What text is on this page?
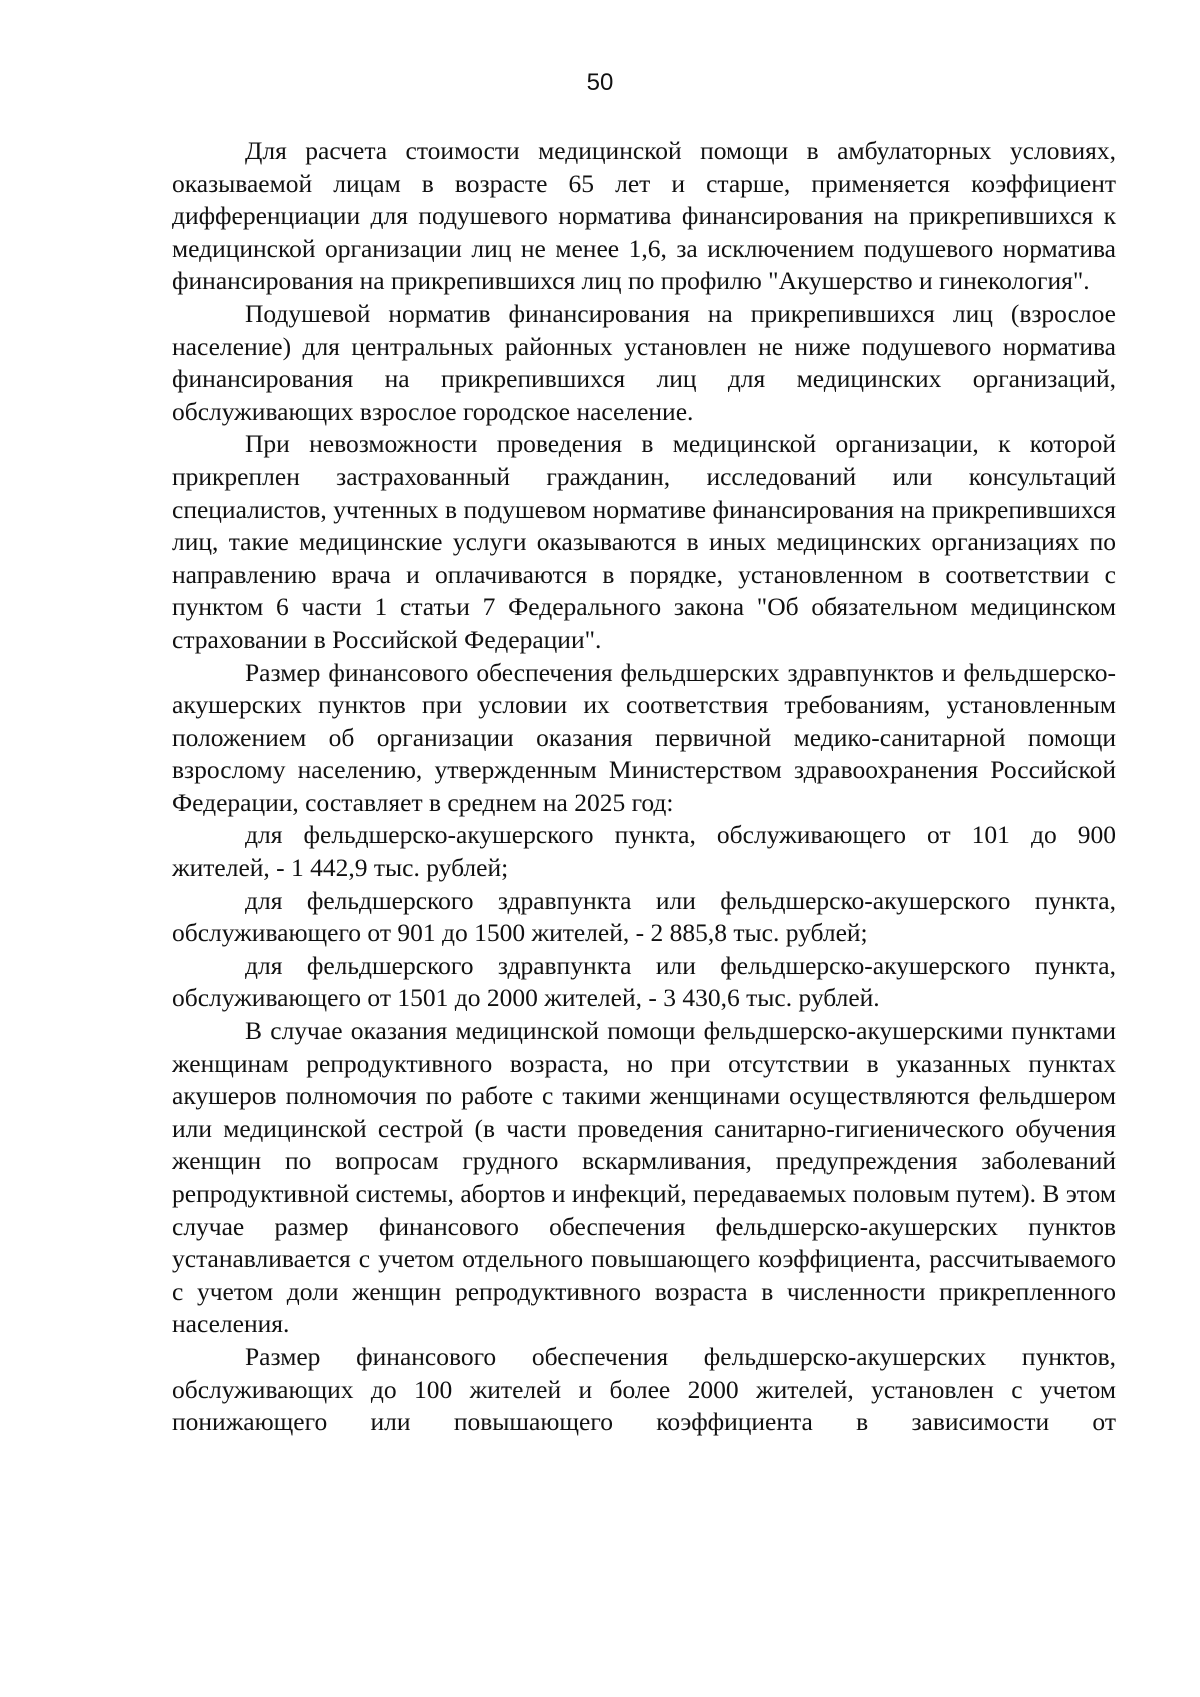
50

Для расчета стоимости медицинской помощи в амбулаторных условиях, оказываемой лицам в возрасте 65 лет и старше, применяется коэффициент дифференциации для подушевого норматива финансирования на прикрепившихся к медицинской организации лиц не менее 1,6, за исключением подушевого норматива финансирования на прикрепившихся лиц по профилю "Акушерство и гинекология".

Подушевой норматив финансирования на прикрепившихся лиц (взрослое население) для центральных районных установлен не ниже подушевого норматива финансирования на прикрепившихся лиц для медицинских организаций, обслуживающих взрослое городское население.

При невозможности проведения в медицинской организации, к которой прикреплен застрахованный гражданин, исследований или консультаций специалистов, учтенных в подушевом нормативе финансирования на прикрепившихся лиц, такие медицинские услуги оказываются в иных медицинских организациях по направлению врача и оплачиваются в порядке, установленном в соответствии с пунктом 6 части 1 статьи 7 Федерального закона "Об обязательном медицинском страховании в Российской Федерации".

Размер финансового обеспечения фельдшерских здравпунктов и фельдшерско-акушерских пунктов при условии их соответствия требованиям, установленным положением об организации оказания первичной медико-санитарной помощи взрослому населению, утвержденным Министерством здравоохранения Российской Федерации, составляет в среднем на 2025 год:

для фельдшерско-акушерского пункта, обслуживающего от 101 до 900 жителей, - 1 442,9 тыс. рублей;

для фельдшерского здравпункта или фельдшерско-акушерского пункта, обслуживающего от 901 до 1500 жителей, - 2 885,8 тыс. рублей;

для фельдшерского здравпункта или фельдшерско-акушерского пункта, обслуживающего от 1501 до 2000 жителей, - 3 430,6 тыс. рублей.

В случае оказания медицинской помощи фельдшерско-акушерскими пунктами женщинам репродуктивного возраста, но при отсутствии в указанных пунктах акушеров полномочия по работе с такими женщинами осуществляются фельдшером или медицинской сестрой (в части проведения санитарно-гигиенического обучения женщин по вопросам грудного вскармливания, предупреждения заболеваний репродуктивной системы, абортов и инфекций, передаваемых половым путем). В этом случае размер финансового обеспечения фельдшерско-акушерских пунктов устанавливается с учетом отдельного повышающего коэффициента, рассчитываемого с учетом доли женщин репродуктивного возраста в численности прикрепленного населения.

Размер финансового обеспечения фельдшерско-акушерских пунктов, обслуживающих до 100 жителей и более 2000 жителей, установлен с учетом понижающего или повышающего коэффициента в зависимости от
